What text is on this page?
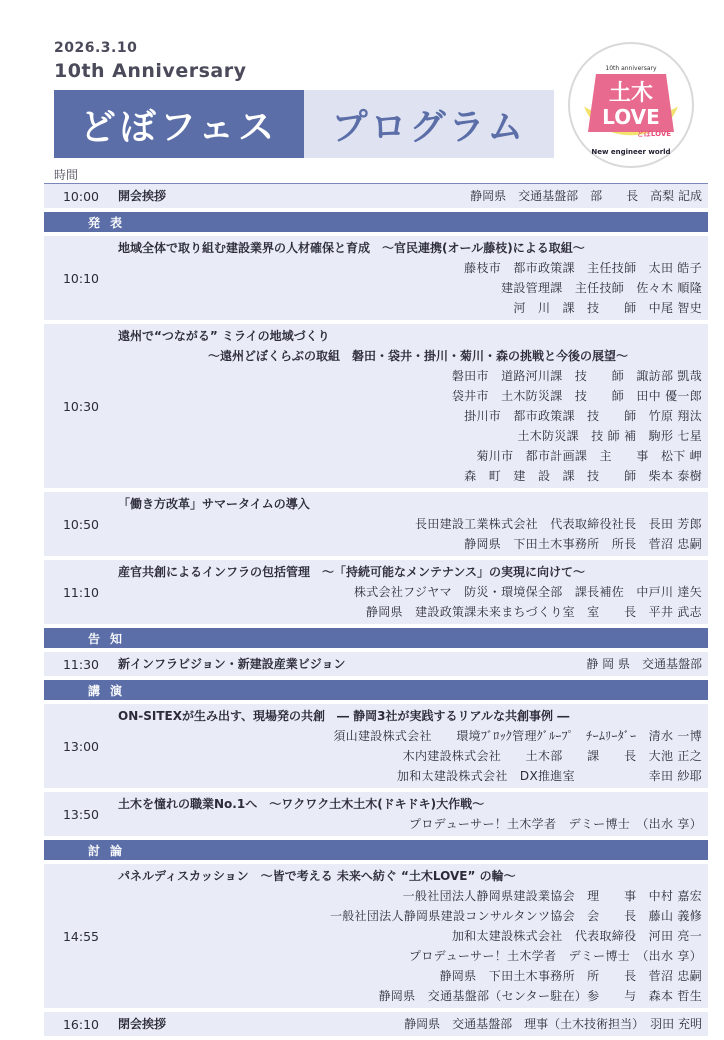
2026.3.10
10th Anniversary
どぼフェス	プログラム
10th anniversary
土木
LOVE
どぼLOVE
New engineer world
時間
10:00	開会挨拶	静岡県　交通基盤部　部　　長　高梨 記成
発表
10:10
地域全体で取り組む建設業界の人材確保と育成　～官民連携(オール藤枝)による取組～
藤枝市　都市政策課　主任技師　太田 皓子
建設管理課　主任技師　佐々木 順隆
河　川　課　技　　師　中尾 智史
10:30
遠州で“つながる” ミライの地域づくり
～遠州どぼくらぶの取組　磐田・袋井・掛川・菊川・森の挑戦と今後の展望～
磐田市　道路河川課　技　　師　諏訪部 凱哉
袋井市　土木防災課　技　　師　田中 優一郎
掛川市　都市政策課　技　　師　竹原 翔汰
土木防災課　技 師 補　駒形 七星
菊川市　都市計画課　主　　事　松下 岬
森　町　建　設　課　技　　師　柴本 泰樹
10:50
「働き方改革」サマータイムの導入
長田建設工業株式会社　代表取締役社長　長田 芳郎
静岡県　下田土木事務所　所長　菅沼 忠嗣
11:10
産官共創によるインフラの包括管理　～「持続可能なメンテナンス」の実現に向けて～
株式会社フジヤマ　防災・環境保全部　課長補佐　中戸川 達矢
静岡県　建設政策課未来まちづくり室　室　　長　平井 武志
告知
11:30	新インフラビジョン・新建設産業ビジョン	静 岡 県　交通基盤部
講演
13:00
ON-SITEXが生み出す、現場発の共創　― 静岡3社が実践するリアルな共創事例 ―
須山建設株式会社　　環境ﾌﾞﾛｯｸ管理ｸﾞﾙｰﾌﾟ　ﾁｰﾑﾘｰﾀﾞｰ　清水 一博
木内建設株式会社　　土木部　　課　　長　大池 正之
加和太建設株式会社　DX推進室　　　　　　幸田 紗耶
13:50
土木を憧れの職業No.1へ　～ワクワク土木土木(ドキドキ)大作戦～
プロデューサー！土木学者　デミー博士　（出水 享）
討論
14:55
パネルディスカッション　～皆で考える 未来へ紡ぐ “土木LOVE” の輪～
一般社団法人静岡県建設業協会　理　　事　中村 嘉宏
一般社団法人静岡県建設コンサルタンツ協会　会　　長　藤山 義修
加和太建設株式会社　代表取締役　河田 亮一
プロデューサー！土木学者　デミー博士　（出水 享）
静岡県　下田土木事務所　所　　長　菅沼 忠嗣
静岡県　交通基盤部（センター駐在）参　　与　森本 哲生
16:10	閉会挨拶	静岡県　交通基盤部　理事（土木技術担当）　羽田 充明
